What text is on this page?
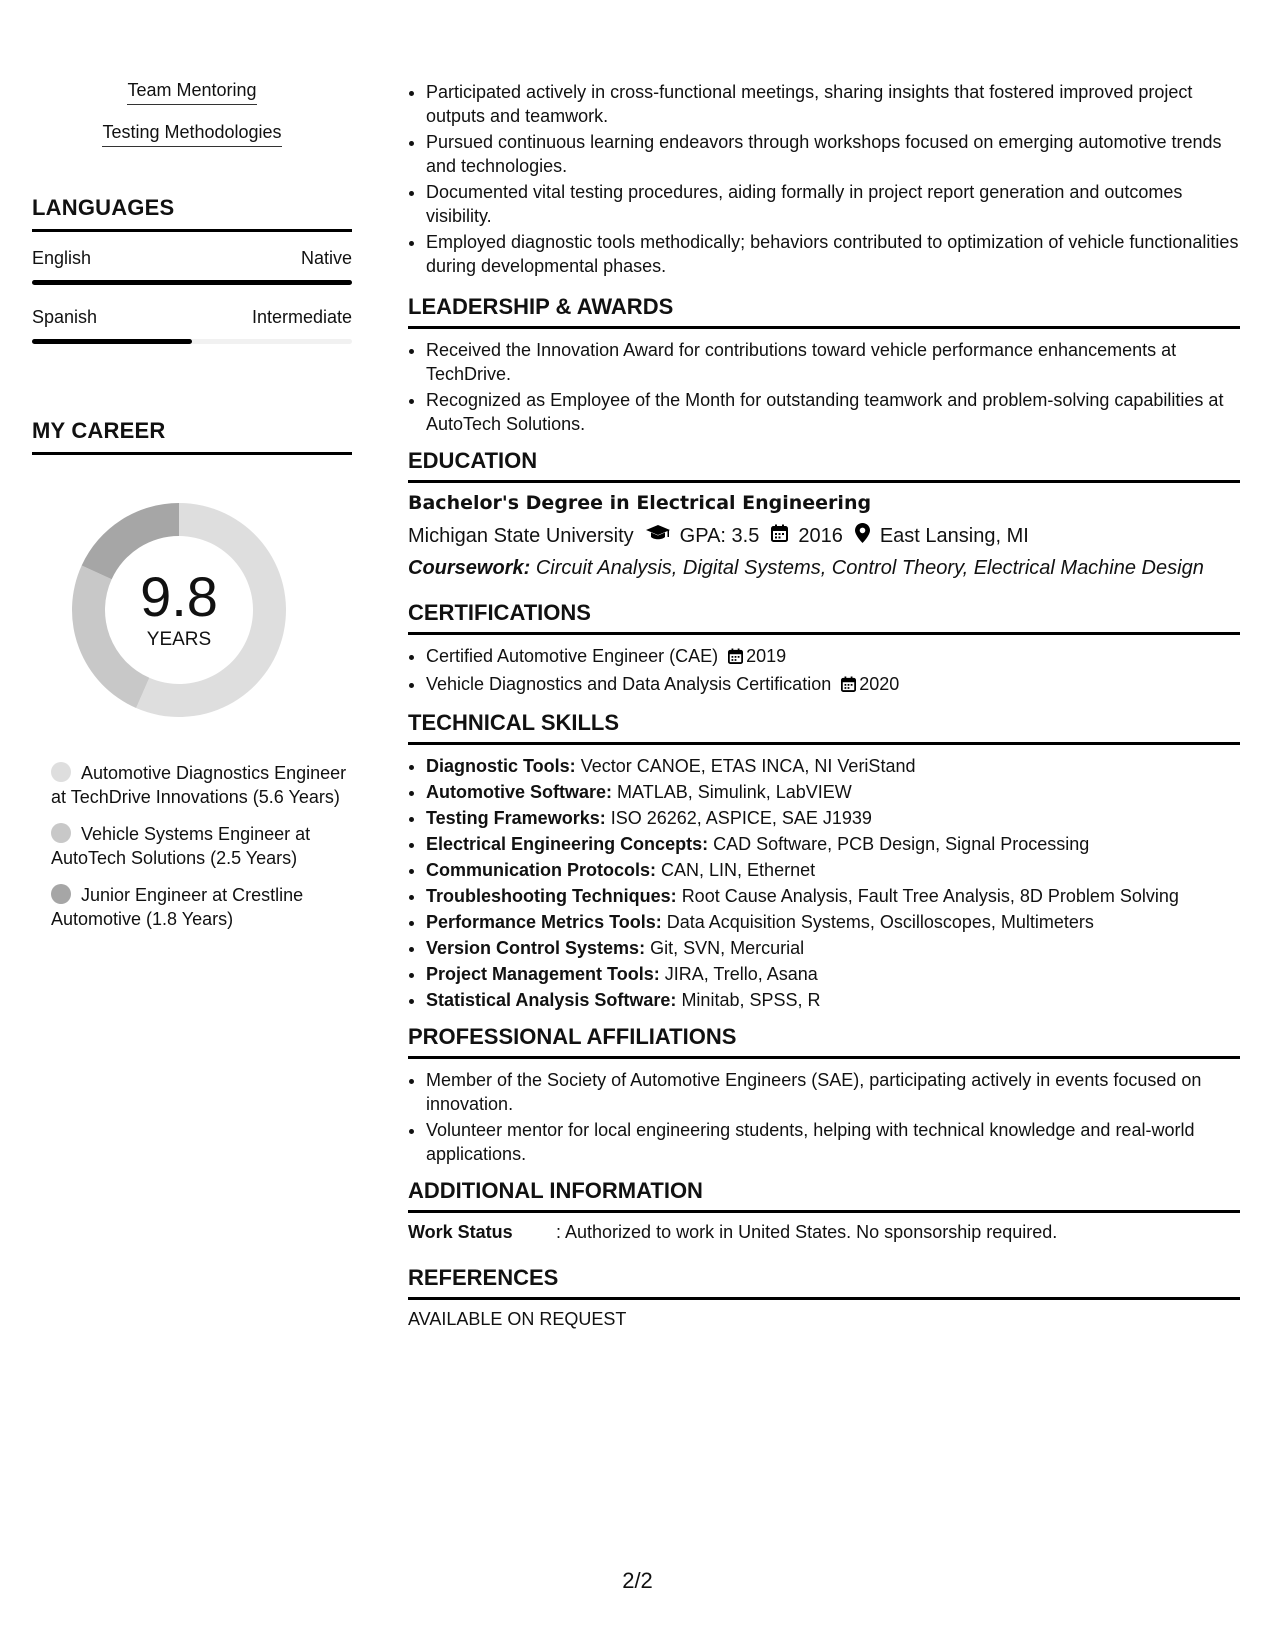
Team Mentoring
Testing Methodologies
LANGUAGES
English	Native
Spanish	Intermediate
MY CAREER
9.8
YEARS
Automotive Diagnostics Engineer at TechDrive Innovations (5.6 Years)
Vehicle Systems Engineer at AutoTech Solutions (2.5 Years)
Junior Engineer at Crestline Automotive (1.8 Years)
• Participated actively in cross-functional meetings, sharing insights that fostered improved project outputs and teamwork.
• Pursued continuous learning endeavors through workshops focused on emerging automotive trends and technologies.
• Documented vital testing procedures, aiding formally in project report generation and outcomes visibility.
• Employed diagnostic tools methodically; behaviors contributed to optimization of vehicle functionalities during developmental phases.
LEADERSHIP & AWARDS
• Received the Innovation Award for contributions toward vehicle performance enhancements at TechDrive.
• Recognized as Employee of the Month for outstanding teamwork and problem-solving capabilities at AutoTech Solutions.
EDUCATION
Bachelor's Degree in Electrical Engineering
Michigan State University GPA: 3.5 2016 East Lansing, MI
Coursework: Circuit Analysis, Digital Systems, Control Theory, Electrical Machine Design
CERTIFICATIONS
• Certified Automotive Engineer (CAE) 2019
• Vehicle Diagnostics and Data Analysis Certification 2020
TECHNICAL SKILLS
• Diagnostic Tools: Vector CANOE, ETAS INCA, NI VeriStand
• Automotive Software: MATLAB, Simulink, LabVIEW
• Testing Frameworks: ISO 26262, ASPICE, SAE J1939
• Electrical Engineering Concepts: CAD Software, PCB Design, Signal Processing
• Communication Protocols: CAN, LIN, Ethernet
• Troubleshooting Techniques: Root Cause Analysis, Fault Tree Analysis, 8D Problem Solving
• Performance Metrics Tools: Data Acquisition Systems, Oscilloscopes, Multimeters
• Version Control Systems: Git, SVN, Mercurial
• Project Management Tools: JIRA, Trello, Asana
• Statistical Analysis Software: Minitab, SPSS, R
PROFESSIONAL AFFILIATIONS
• Member of the Society of Automotive Engineers (SAE), participating actively in events focused on innovation.
• Volunteer mentor for local engineering students, helping with technical knowledge and real-world applications.
ADDITIONAL INFORMATION
Work Status	: Authorized to work in United States. No sponsorship required.
REFERENCES
AVAILABLE ON REQUEST
2/2
